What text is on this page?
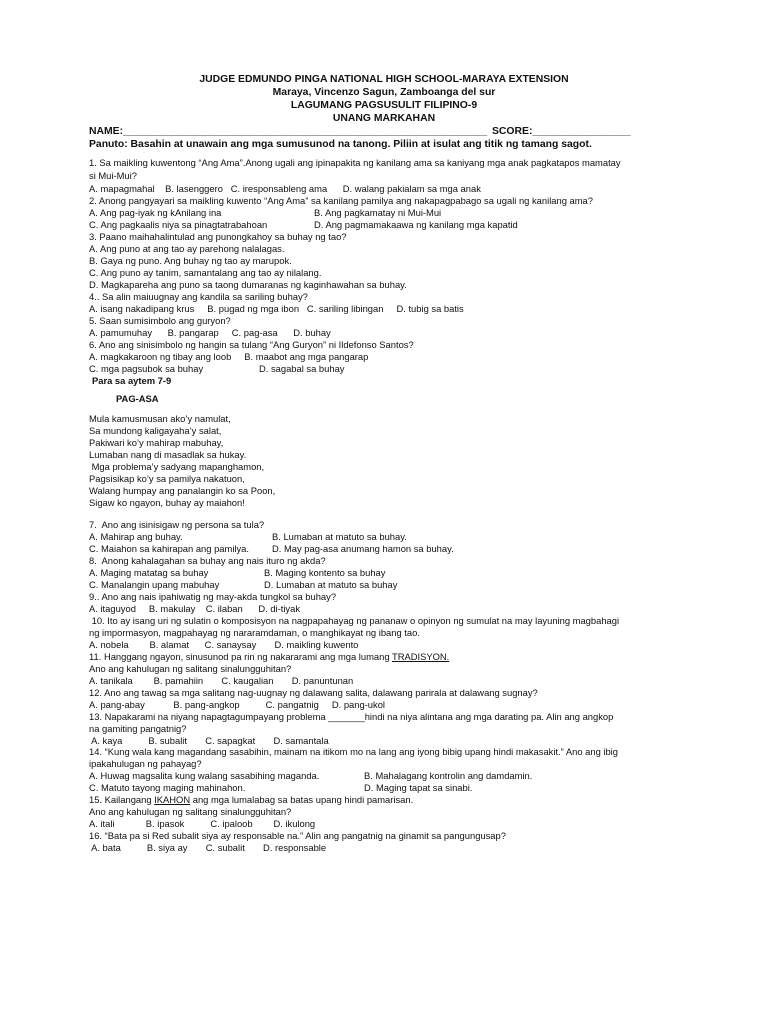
JUDGE EDMUNDO PINGA NATIONAL HIGH SCHOOL-MARAYA EXTENSION
Maraya, Vincenzo Sagun, Zamboanga del sur
LAGUMANG PAGSUSULIT FILIPINO-9
UNANG MARKAHAN
NAME:_______________________________________________________________ SCORE:_________________
Panuto: Basahin at unawain ang mga sumusunod na tanong. Piliin at isulat ang titik ng tamang sagot.
1. Sa maikling kuwentong “Ang Ama”.Anong ugali ang ipinapakita ng kanilang ama sa kaniyang mga anak pagkatapos mamatay
si Mui-Mui?
A. mapagmahal    B. lasenggero   C. iresponsableng ama      D. walang pakialam sa mga anak
2. Anong pangyayari sa maikling kuwento “Ang Ama” sa kanilang pamilya ang nakapagpabago sa ugali ng kanilang ama?
A. Ang pag-iyak ng kAnilang ina	B. Ang pagkamatay ni Mui-Mui
C. Ang pagkaalis niya sa pinagtatrabahoan	D. Ang pagmamakaawa ng kanilang mga kapatid
3. Paano maihahalintulad ang punongkahoy sa buhay ng tao?
A. Ang puno at ang tao ay parehong nalalagas.
B. Gaya ng puno. Ang buhay ng tao ay marupok.
C. Ang puno ay tanim, samantalang ang tao ay nilalang.
D. Magkapareha ang puno sa taong dumaranas ng kaginhawahan sa buhay.
4.. Sa alin maiuugnay ang kandila sa sariling buhay?
A. isang nakadipang krus     B. pugad ng mga ibon   C. sariling libingan     D. tubig sa batis
5. Saan sumisimbolo ang guryon?
A. pamumuhay      B. pangarap     C. pag-asa      D. buhay
6. Ano ang sinisimbolo ng hangin sa tulang “Ang Guryon” ni Ildefonso Santos?
A. magkakaroon ng tibay ang loob     B. maabot ang mga pangarap
C. mga pagsubok sa buhay	D. sagabal sa buhay
Para sa aytem 7-9
PAG-ASA
Mula kamusmusan ako’y namulat,
Sa mundong kaligayaha’y salat,
Pakiwari ko’y mahirap mabuhay,
Lumaban nang di masadlak sa hukay.
Mga problema’y sadyang mapanghamon,
Pagsisikap ko’y sa pamilya nakatuon,
Walang humpay ang panalangin ko sa Poon,
Sigaw ko ngayon, buhay ay maiahon!
7.  Ano ang isinisigaw ng persona sa tula?
A. Mahirap ang buhay.	B. Lumaban at matuto sa buhay.
C. Maiahon sa kahirapan ang pamilya. D. May pag-asa anumang hamon sa buhay.
8.  Anong kahalagahan sa buhay ang nais ituro ng akda?
A. Maging matatag sa buhay	B. Maging kontento sa buhay
C. Manalangin upang mabuhay	D. Lumaban at matuto sa buhay
9.. Ano ang nais ipahiwatig ng may-akda tungkol sa buhay?
A. itaguyod     B. makulay    C. ilaban      D. di-tiyak
10. Ito ay isang uri ng sulatin o komposisyon na nagpapahayag ng pananaw o opinyon ng sumulat na may layuning magbahagi
ng impormasyon, magpahayag ng nararamdaman, o manghikayat ng ibang tao.
A. nobela        B. alamat      C. sanaysay       D. maikling kuwento
11. Hanggang ngayon, sinusunod pa rin ng nakararami ang mga lumang TRADISYON.
Ano ang kahulugan ng salitang sinalungguhitan?
A. tanikala        B. pamahiin       C. kaugalian       D. panuntunan
12. Ano ang tawag sa mga salitang nag-uugnay ng dalawang salita, dalawang parirala at dalawang sugnay?
A. pang-abay           B. pang-angkop          C. pangatnig     D. pang-ukol
13. Napakarami na niyang napagtagumpayang problema _______hindi na niya alintana ang mga darating pa. Alin ang angkop
na gamiting pangatnig?
A. kaya          B. subalit       C. sapagkat       D. samantala
14. “Kung wala kang magandang sasabihin, mainam na itikom mo na lang ang iyong bibig upang hindi makasakit.” Ano ang ibig
ipakahulugan ng pahayag?
A. Huwag magsalita kung walang sasabihing maganda.	B. Mahalagang kontrolin ang damdamin.
C. Matuto tayong maging mahinahon.	D. Maging tapat sa sinabi.
15. Kailangang IKAHON ang mga lumalabag sa batas upang hindi pamarisan.
Ano ang kahulugan ng salitang sinalungguhitan?
A. itali            B. ipasok          C. ipaloob        D. ikulong
16. “Bata pa si Red subalit siya ay responsable na.” Alin ang pangatnig na ginamit sa pangungusap?
A. bata          B. siya ay       C. subalit       D. responsable
